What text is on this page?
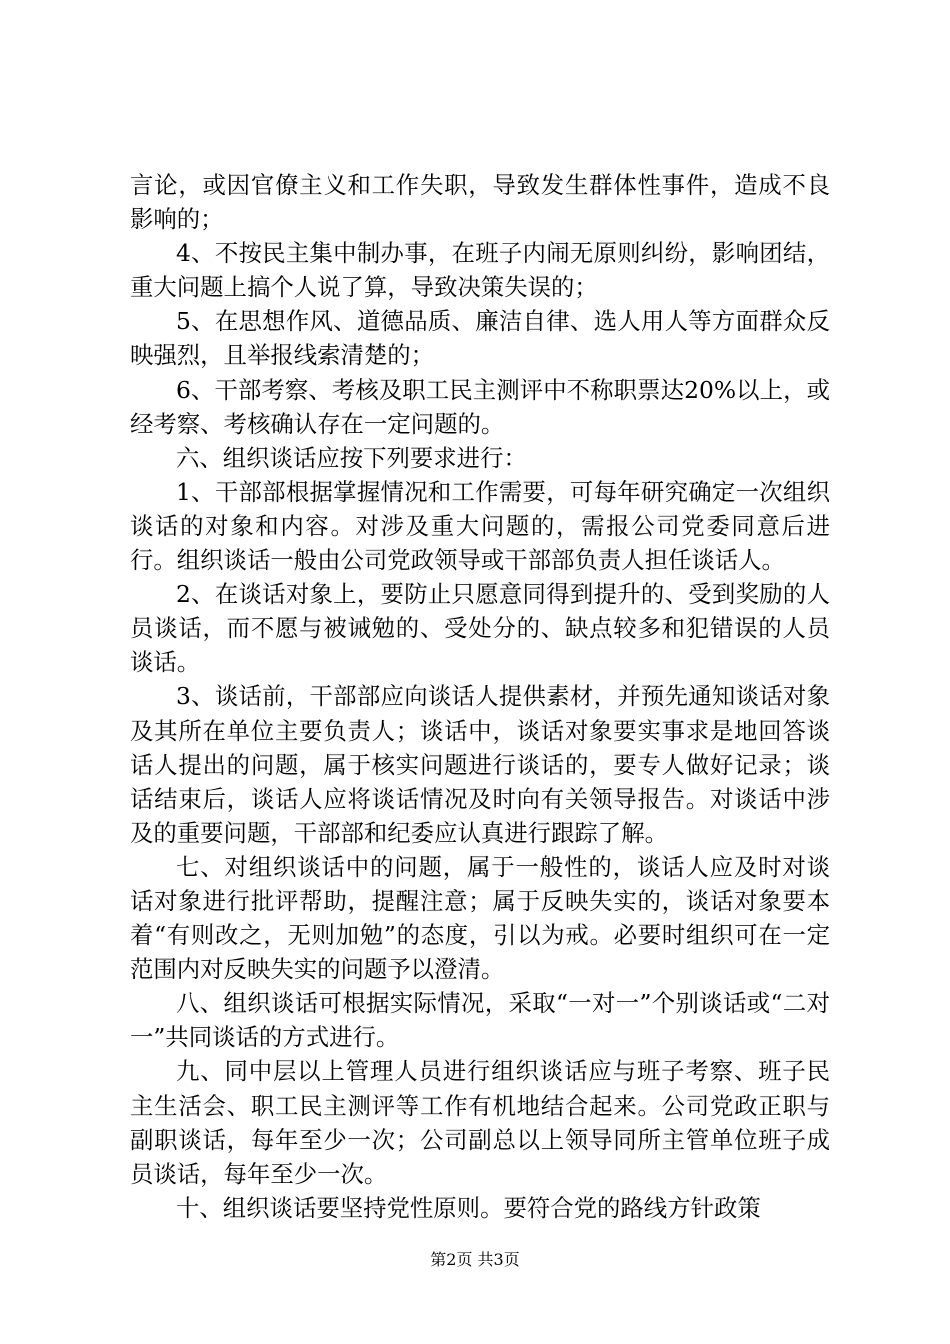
言论，或因官僚主义和工作失职，导致发生群体性事件，造成不良影响的；

4、不按民主集中制办事，在班子内闹无原则纠纷，影响团结，重大问题上搞个人说了算，导致决策失误的；

5、在思想作风、道德品质、廉洁自律、选人用人等方面群众反映强烈，且举报线索清楚的；

6、干部考察、考核及职工民主测评中不称职票达20%以上，或经考察、考核确认存在一定问题的。

六、组织谈话应按下列要求进行：

1、干部部根据掌握情况和工作需要，可每年研究确定一次组织谈话的对象和内容。对涉及重大问题的，需报公司党委同意后进行。组织谈话一般由公司党政领导或干部部负责人担任谈话人。

2、在谈话对象上，要防止只愿意同得到提升的、受到奖励的人员谈话，而不愿与被诫勉的、受处分的、缺点较多和犯错误的人员谈话。

3、谈话前，干部部应向谈话人提供素材，并预先通知谈话对象及其所在单位主要负责人；谈话中，谈话对象要实事求是地回答谈话人提出的问题，属于核实问题进行谈话的，要专人做好记录；谈话结束后，谈话人应将谈话情况及时向有关领导报告。对谈话中涉及的重要问题，干部部和纪委应认真进行跟踪了解。

七、对组织谈话中的问题，属于一般性的，谈话人应及时对谈话对象进行批评帮助，提醒注意；属于反映失实的，谈话对象要本着“有则改之，无则加勉”的态度，引以为戒。必要时组织可在一定范围内对反映失实的问题予以澄清。

八、组织谈话可根据实际情况，采取“一对一”个别谈话或“二对一”共同谈话的方式进行。

九、同中层以上管理人员进行组织谈话应与班子考察、班子民主生活会、职工民主测评等工作有机地结合起来。公司党政正职与副职谈话，每年至少一次；公司副总以上领导同所主管单位班子成员谈话，每年至少一次。

十、组织谈话要坚持党性原则。要符合党的路线方针政策

第2页 共3页
